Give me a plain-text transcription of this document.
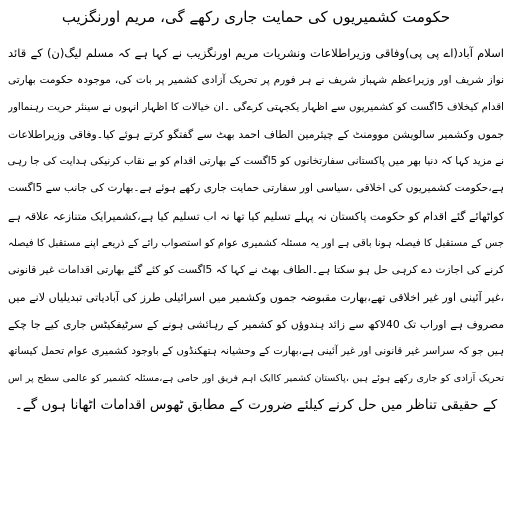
حکومت کشمیریوں کی حمایت جاری رکھے گی، مریم اورنگزیب
اسلام آباد(اے پی پی)وفاقی وزیراطلاعات ونشریات مریم اورنگزیب نے کہا ہے کہ مسلم لیگ(ن) کے قائد
نواز شریف اور وزیراعظم شہباز شریف نے ہر فورم پر تحریک آزادی کشمیر پر بات کی، موجودہ حکومت بھارتی
اقدام کیخلاف 5اگست کو کشمیریوں سے اظہار یکجہتی کرےگی ۔ان خیالات کا اظہار انہوں نے سینئر حریت رہنمااور
جموں وکشمیر سالویشن موومنٹ کے چیئرمین الطاف احمد بھٹ سے گفتگو کرتے ہوئے کیا۔وفاقی وزیراطلاعات
نے مزید کہا کہ دنیا بھر میں پاکستانی سفارتخانوں کو 5اگست کے بھارتی اقدام کو بے نقاب کرنیکی ہدایت کی جا رہی
ہے،حکومت کشمیریوں کی اخلاقی ،سیاسی اور سفارتی حمایت جاری رکھے ہوئے ہے۔بھارت کی جانب سے 5اگست
کواٹھائے گئے اقدام کو حکومت پاکستان نہ پہلے تسلیم کیا تھا نہ اب تسلیم کیا ہے،کشمیرایک متنازعہ علاقہ ہے
جس کے مستقبل کا فیصلہ ہونا باقی ہے اور یہ مسئلہ کشمیری عوام کو استصواب رائے کے ذریعے اپنے مستقبل کا فیصلہ
کرنے کی اجازت دے کرہی حل ہو سکتا ہے۔الطاف بھٹ نے کہا کہ 5اگست کو کئے گئے بھارتی اقدامات غیر قانونی
،غیر آئینی اور غیر اخلاقی تھے،بھارت مقبوضہ جموں وکشمیر میں اسرائیلی طرز کی آبادیاتی تبدیلیاں لانے میں
مصروف ہے اوراب تک 40لاکھ سے زائد ہندوؤں کو کشمیر کے رہائشی ہونے کے سرٹیفکیٹس جاری کیے جا چکے
ہیں جو کہ سراسر غیر قانونی اور غیر آئینی ہے،بھارت کے وحشیانہ ہتھکنڈوں کے باوجود کشمیری عوام تحمل کیساتھ
تحریک آزادی کو جاری رکھے ہوئے ہیں ،پاکستان کشمیر کاایک اہم فریق اور حامی ہے،مسئلہ کشمیر کو عالمی سطح پر اس
کے حقیقی تناظر میں حل کرنے کیلئے ضرورت کے مطابق ٹھوس اقدامات اٹھانا ہوں گے۔
